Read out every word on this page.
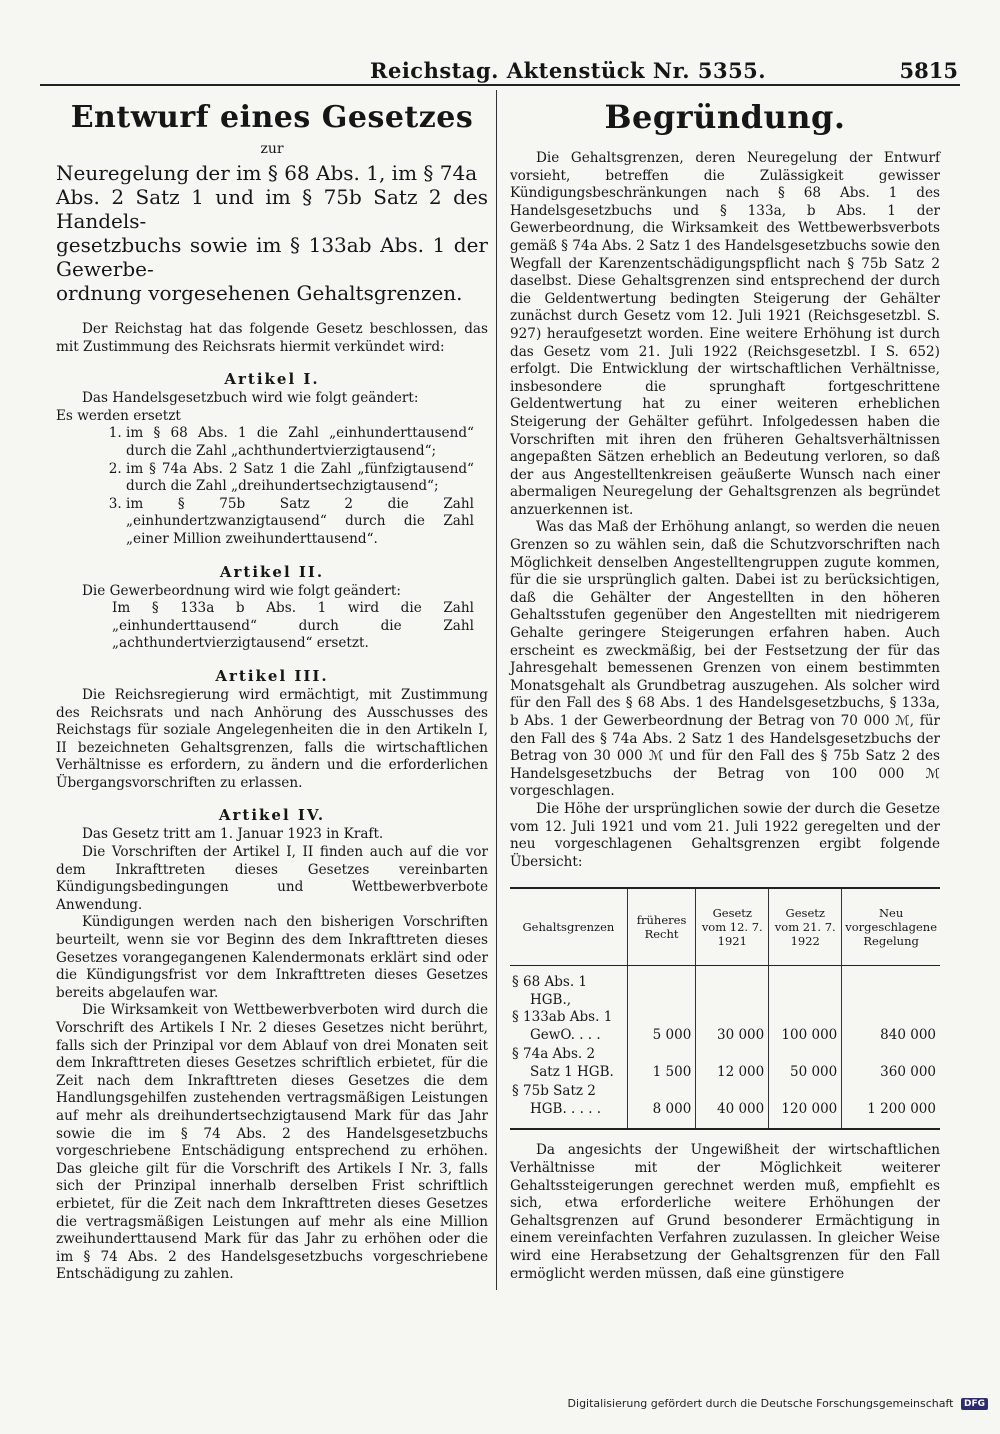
Reichstag. Aktenstück Nr. 5355.	5815
Entwurf eines Gesetzes
zur
Neuregelung der im § 68 Abs. 1, im § 74a
Abs. 2 Satz 1 und im § 75b Satz 2 des Handels-
gesetzbuchs sowie im § 133ab Abs. 1 der Gewerbe-
ordnung vorgesehenen Gehaltsgrenzen.

Der Reichstag hat das folgende Gesetz beschlossen, das mit Zustimmung des Reichsrats hiermit verkündet wird:

Artikel I.
Das Handelsgesetzbuch wird wie folgt geändert:
Es werden ersetzt
1. im § 68 Abs. 1 die Zahl „einhunderttausend“ durch die Zahl „achthundertvierzigtausend“;
2. im § 74a Abs. 2 Satz 1 die Zahl „fünfzigtausend“ durch die Zahl „dreihundertsechzigtausend“;
3. im § 75b Satz 2 die Zahl „einhundertzwanzigtausend“ durch die Zahl „einer Million zweihunderttausend“.
Artikel II.
Die Gewerbeordnung wird wie folgt geändert:
Im § 133a b Abs. 1 wird die Zahl „einhunderttausend“ durch die Zahl „achthundertvierzigtausend“ ersetzt.
Artikel III.

Die Reichsregierung wird ermächtigt, mit Zustimmung des Reichsrats und nach Anhörung des Ausschusses des Reichstags für soziale Angelegenheiten die in den Artikeln I, II bezeichneten Gehaltsgrenzen, falls die wirtschaftlichen Verhältnisse es erfordern, zu ändern und die erforderlichen Übergangsvorschriften zu erlassen.

Artikel IV.

Das Gesetz tritt am 1. Januar 1923 in Kraft.

Die Vorschriften der Artikel I, II finden auch auf die vor dem Inkrafttreten dieses Gesetzes vereinbarten Kündigungsbedingungen und Wettbewerbverbote Anwendung.

Kündigungen werden nach den bisherigen Vorschriften beurteilt, wenn sie vor Beginn des dem Inkrafttreten dieses Gesetzes vorangegangenen Kalendermonats erklärt sind oder die Kündigungsfrist vor dem Inkrafttreten dieses Gesetzes bereits abgelaufen war.

Die Wirksamkeit von Wettbewerbverboten wird durch die Vorschrift des Artikels I Nr. 2 dieses Gesetzes nicht berührt, falls sich der Prinzipal vor dem Ablauf von drei Monaten seit dem Inkrafttreten dieses Gesetzes schriftlich erbietet, für die Zeit nach dem Inkrafttreten dieses Gesetzes die dem Handlungsgehilfen zustehenden vertragsmäßigen Leistungen auf mehr als dreihundertsechzigtausend Mark für das Jahr sowie die im § 74 Abs. 2 des Handelsgesetzbuchs vorgeschriebene Entschädigung entsprechend zu erhöhen. Das gleiche gilt für die Vorschrift des Artikels I Nr. 3, falls sich der Prinzipal innerhalb derselben Frist schriftlich erbietet, für die Zeit nach dem Inkrafttreten dieses Gesetzes die vertragsmäßigen Leistungen auf mehr als eine Million zweihunderttausend Mark für das Jahr zu erhöhen oder die im § 74 Abs. 2 des Handelsgesetzbuchs vorgeschriebene Entschädigung zu zahlen.

Begründung.

Die Gehaltsgrenzen, deren Neuregelung der Entwurf vorsieht, betreffen die Zulässigkeit gewisser Kündigungsbeschränkungen nach § 68 Abs. 1 des Handelsgesetzbuchs und § 133a, b Abs. 1 der Gewerbeordnung, die Wirksamkeit des Wettbewerbsverbots gemäß § 74a Abs. 2 Satz 1 des Handelsgesetzbuchs sowie den Wegfall der Karenzentschädigungspflicht nach § 75b Satz 2 daselbst. Diese Gehaltsgrenzen sind entsprechend der durch die Geldentwertung bedingten Steigerung der Gehälter zunächst durch Gesetz vom 12. Juli 1921 (Reichsgesetzbl. S. 927) heraufgesetzt worden. Eine weitere Erhöhung ist durch das Gesetz vom 21. Juli 1922 (Reichsgesetzbl. I S. 652) erfolgt. Die Entwicklung der wirtschaftlichen Verhältnisse, insbesondere die sprunghaft fortgeschrittene Geldentwertung hat zu einer weiteren erheblichen Steigerung der Gehälter geführt. Infolgedessen haben die Vorschriften mit ihren den früheren Gehaltsverhältnissen angepaßten Sätzen erheblich an Bedeutung verloren, so daß der aus Angestelltenkreisen geäußerte Wunsch nach einer abermaligen Neuregelung der Gehaltsgrenzen als begründet anzuerkennen ist.

Was das Maß der Erhöhung anlangt, so werden die neuen Grenzen so zu wählen sein, daß die Schutzvorschriften nach Möglichkeit denselben Angestelltengruppen zugute kommen, für die sie ursprünglich galten. Dabei ist zu berücksichtigen, daß die Gehälter der Angestellten in den höheren Gehaltsstufen gegenüber den Angestellten mit niedrigerem Gehalte geringere Steigerungen erfahren haben. Auch erscheint es zweckmäßig, bei der Festsetzung der für das Jahresgehalt bemessenen Grenzen von einem bestimmten Monatsgehalt als Grundbetrag auszugehen. Als solcher wird für den Fall des § 68 Abs. 1 des Handelsgesetzbuchs, § 133a, b Abs. 1 der Gewerbeordnung der Betrag von 70 000 ℳ, für den Fall des § 74a Abs. 2 Satz 1 des Handelsgesetzbuchs der Betrag von 30 000 ℳ und für den Fall des § 75b Satz 2 des Handelsgesetzbuchs der Betrag von 100 000 ℳ vorgeschlagen.

Die Höhe der ursprünglichen sowie der durch die Gesetze vom 12. Juli 1921 und vom 21. Juli 1922 geregelten und der neu vorgeschlagenen Gehaltsgrenzen ergibt folgende Übersicht:

Gehaltsgrenzen	früheres Recht	Gesetz vom 12. 7. 1921	Gesetz vom 21. 7. 1922	Neu vorgeschlagene Regelung

§ 68 Abs. 1
HGB.,
§ 133ab Abs. 1
GewO. . . .	5 000	30 000	100 000	840 000

§ 74a Abs. 2
Satz 1 HGB.	1 500	12 000	50 000	360 000

§ 75b Satz 2
HGB. . . . .	8 000	40 000	120 000	1 200 000

Da angesichts der Ungewißheit der wirtschaftlichen Verhältnisse mit der Möglichkeit weiterer Gehaltssteigerungen gerechnet werden muß, empfiehlt es sich, etwa erforderliche weitere Erhöhungen der Gehaltsgrenzen auf Grund besonderer Ermächtigung in einem vereinfachten Verfahren zuzulassen. In gleicher Weise wird eine Herabsetzung der Gehaltsgrenzen für den Fall ermöglicht werden müssen, daß eine günstigere

Digitalisierung gefördert durch die Deutsche Forschungsgemeinschaft DFG
